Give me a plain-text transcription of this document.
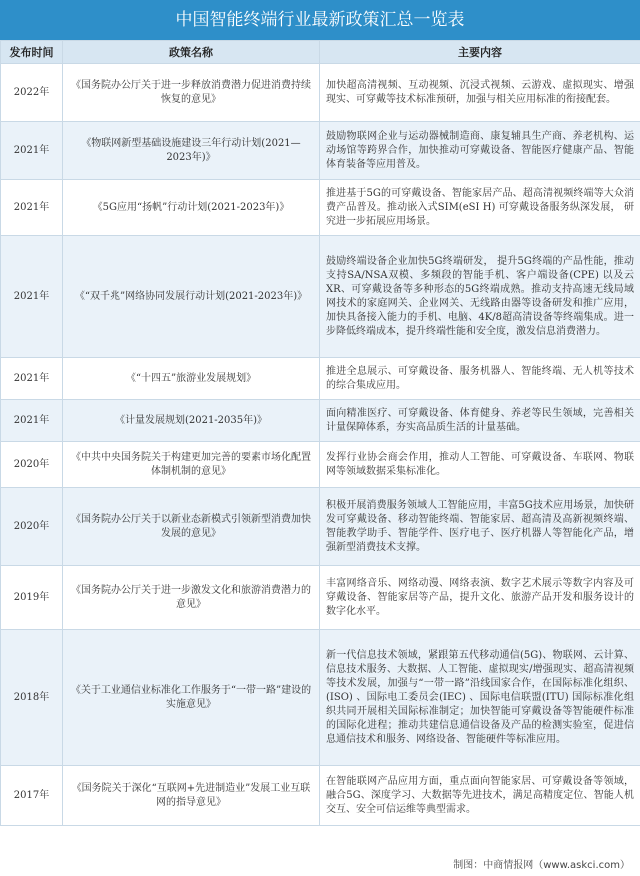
中国智能终端行业最新政策汇总一览表
发布时间	政策名称	主要内容
2022年	《国务院办公厅关于进一步释放消费潜力促进消费持续恢复的意见》	加快超高清视频、互动视频、沉浸式视频、云游戏、虚拟现实、增强现实、可穿戴等技术标准预研，加强与相关应用标准的衔接配套。
2021年	《物联网新型基础设施建设三年行动计划(2021—2023年)》	鼓励物联网企业与运动器械制造商、康复辅具生产商、养老机构、运动场馆等跨界合作，加快推动可穿戴设备、智能医疗健康产品、智能体育装备等应用普及。
2021年	《5G应用“扬帆”行动计划(2021-2023年)》	推进基于5G的可穿戴设备、智能家居产品、超高清视频终端等大众消费产品普及。推动嵌入式SIM(eSI H) 可穿戴设备服务纵深发展， 研究进一步拓展应用场景。
2021年	《“双千兆”网络协同发展行动计划(2021-2023年)》	鼓励终端设备企业加快5G终端研发， 提升5G终端的产品性能，推动支持SA/NSA双模、多频段的智能手机、客户端设备(CPE) 以及云XR、可穿戴设备等多种形态的5G终端成熟。推动支持高速无线局域网技术的家庭网关、企业网关、无线路由器等设备研发和推广应用，加快具备接入能力的手机、电脑、4K/8超高清设备等终端集成。进一步降低终端成本，提升终端性能和安全度，激发信息消费潜力。
2021年	《“十四五”旅游业发展规划》	推进全息展示、可穿戴设备、服务机器人、智能终端、无人机等技术的综合集成应用。
2021年	《计量发展规划(2021-2035年)》	面向精准医疗、可穿戴设备、体育健身、养老等民生领域，完善相关计量保障体系，夯实高品质生活的计量基础。
2020年	《中共中央国务院关于构建更加完善的要素市场化配置体制机制的意见》	发挥行业协会商会作用，推动人工智能、可穿戴设备、车联网、物联网等领域数据采集标准化。
2020年	《国务院办公厅关于以新业态新模式引领新型消费加快发展的意见》	积极开展消费服务领域人工智能应用，丰富5G技术应用场景，加快研发可穿戴设备、移动智能终端、智能家居、超高清及高新视频终端、智能教学助手、智能学件、医疗电子、医疗机器人等智能化产品，增强新型消费技术支撑。
2019年	《国务院办公厅关于进一步激发文化和旅游消费潜力的意见》	丰富网络音乐、网络动漫、网络表演、数字艺术展示等数字内容及可穿戴设备、智能家居等产品，提升文化、旅游产品开发和服务设计的数字化水平。
2018年	《关于工业通信业标准化工作服务于“一带一路”建设的实施意见》	新一代信息技术领域，紧跟第五代移动通信(5G)、物联网、云计算、信息技术服务、大数据、人工智能、虚拟现实/增强现实、超高清视频等技术发展，加强与“一带一路”沿线国家合作，在国际标准化组织、(ISO) 、国际电工委员会(IEC) 、国际电信联盟(ITU) 国际标准化组织共同开展相关国际标准制定；加快智能可穿戴设备等智能硬件标准的国际化进程；推动共建信息通信设备及产品的检测实验室，促进信息通信技术和服务、网络设备、智能硬件等标准应用。
2017年	《国务院关于深化“互联网+先进制造业”发展工业互联网的指导意见》	在智能联网产品应用方面，重点面向智能家居、可穿戴设备等领域，融合5G、深度学习、大数据等先进技术，满足高精度定位、智能人机交互、安全可信运维等典型需求。
制图：中商情报网（www.askci.com）
